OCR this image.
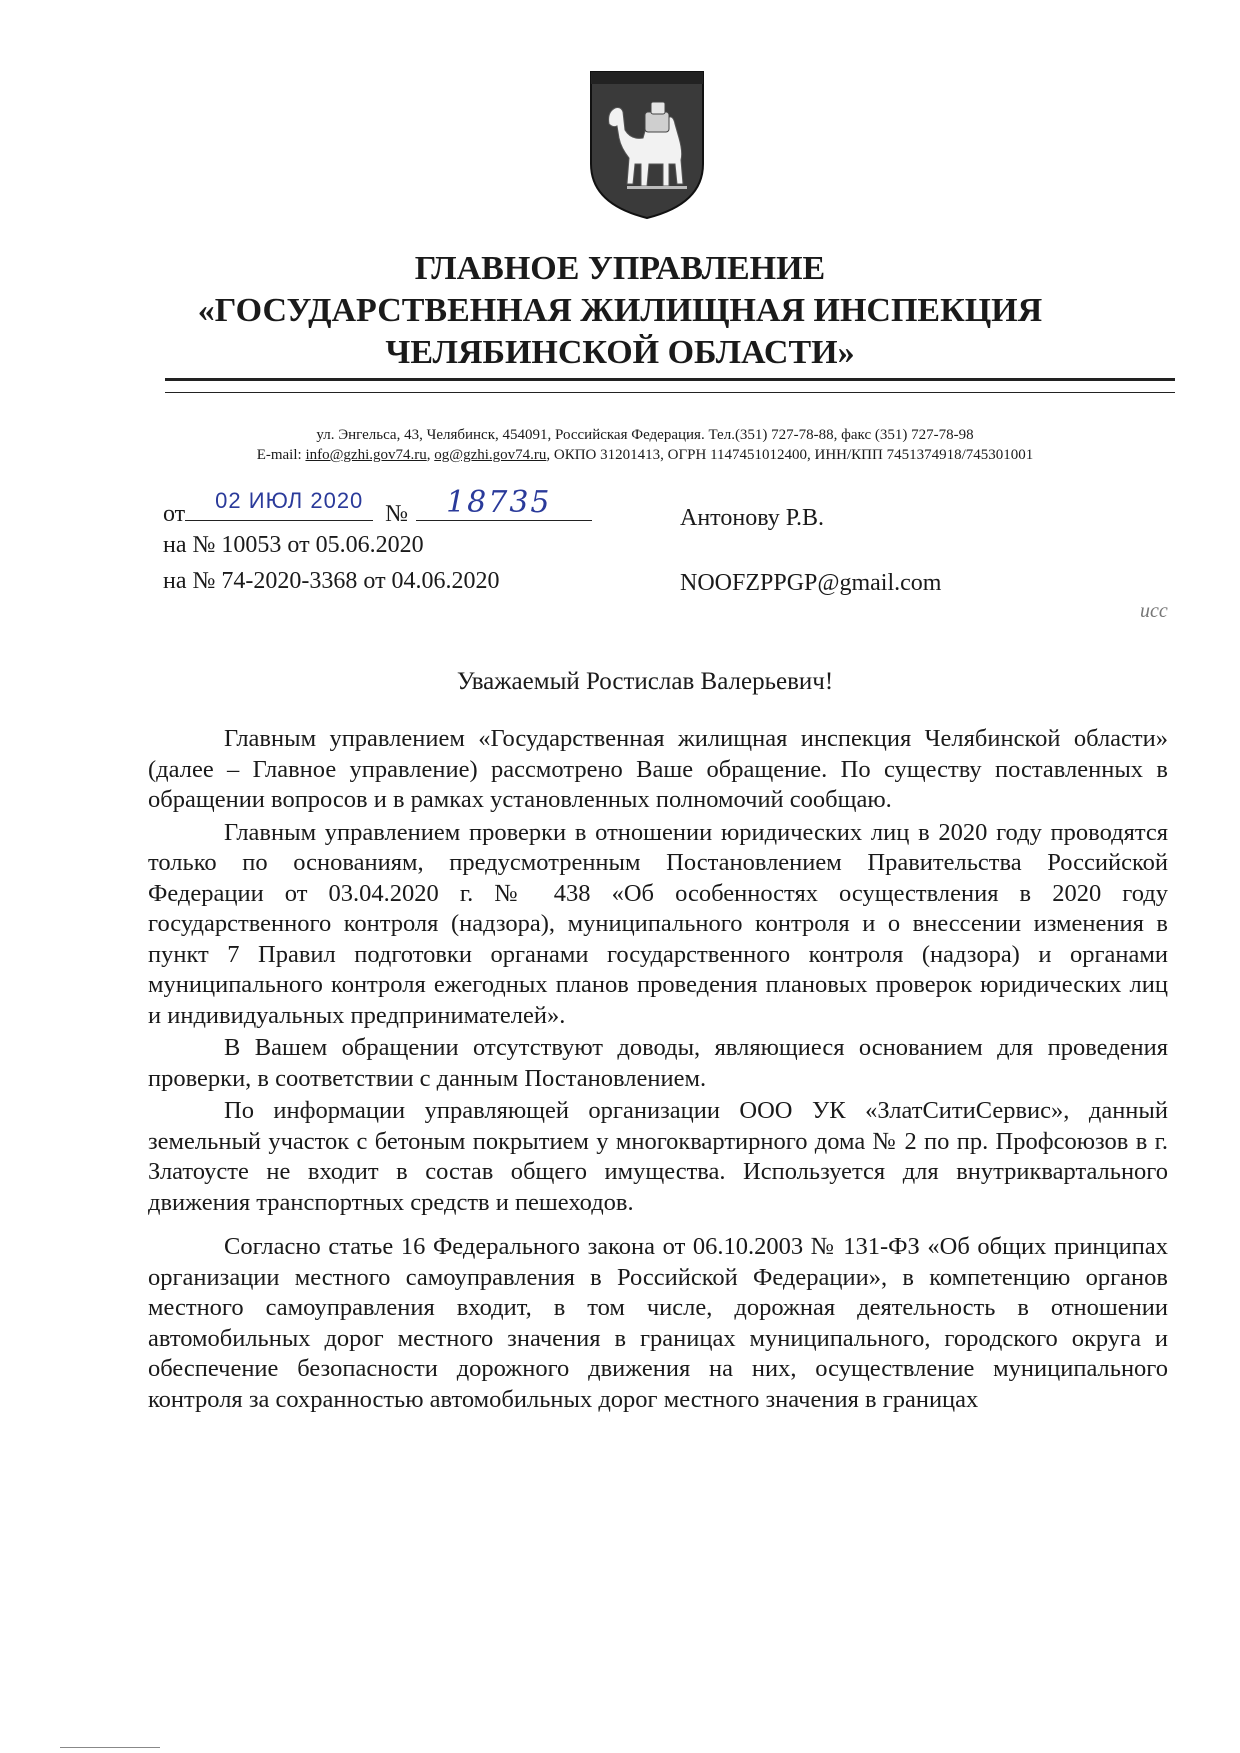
ГЛАВНОЕ УПРАВЛЕНИЕ
«ГОСУДАРСТВЕННАЯ ЖИЛИЩНАЯ ИНСПЕКЦИЯ
ЧЕЛЯБИНСКОЙ ОБЛАСТИ»
ул. Энгельса, 43, Челябинск, 454091, Российская Федерация. Тел.(351) 727-78-88, факс (351) 727-78-98
E-mail: info@gzhi.gov74.ru, og@gzhi.gov74.ru, ОКПО 31201413, ОГРН 1147451012400, ИНН/КПП 7451374918/745301001
от
02 ИЮЛ 2020
№ 18735
на № 10053 от 05.06.2020
на № 74-2020-3368 от 04.06.2020
Антонову Р.В.
NOOFZPPGP@gmail.com
исс
Уважаемый Ростислав Валерьевич!

Главным управлением «Государственная жилищная инспекция Челябинской области» (далее – Главное управление) рассмотрено Ваше обращение. По существу поставленных в обращении вопросов и в рамках установленных полномочий сообщаю.

Главным управлением проверки в отношении юридических лиц в 2020 году проводятся только по основаниям, предусмотренным Постановлением Правительства Российской Федерации от 03.04.2020 г. № 438 «Об особенностях осуществления в 2020 году государственного контроля (надзора), муниципального контроля и о внессении изменения в пункт 7 Правил подготовки органами государственного контроля (надзора) и органами муниципального контроля ежегодных планов проведения плановых проверок юридических лиц и индивидуальных предпринимателей».

В Вашем обращении отсутствуют доводы, являющиеся основанием для проведения проверки, в соответствии с данным Постановлением.

По информации управляющей организации ООО УК «ЗлатСитиСервис», данный земельный участок с бетоным покрытием у многоквартирного дома № 2 по пр. Профсоюзов в г. Златоусте не входит в состав общего имущества. Используется для внутриквартального движения транспортных средств и пешеходов.

Согласно статье 16 Федерального закона от 06.10.2003 № 131-ФЗ «Об общих принципах организации местного самоуправления в Российской Федерации», в компетенцию органов местного самоуправления входит, в том числе, дорожная деятельность в отношении автомобильных дорог местного значения в границах муниципального, городского округа и обеспечение безопасности дорожного движения на них, осуществление муниципального контроля за сохранностью автомобильных дорог местного значения в границах
